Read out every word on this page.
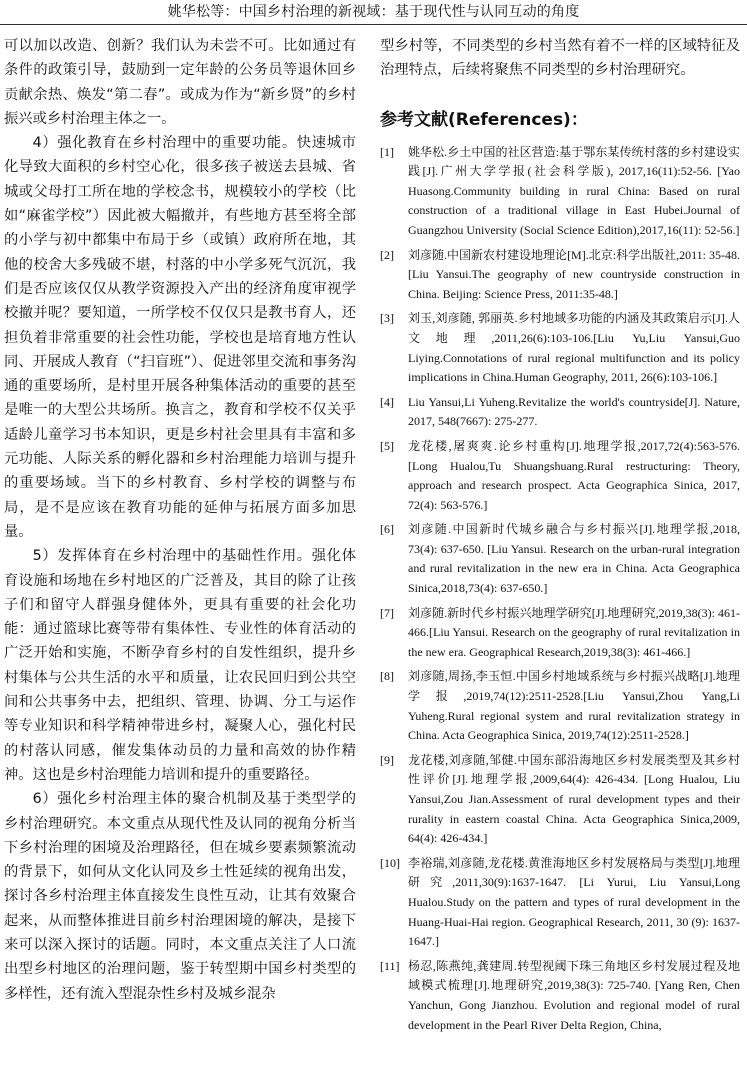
姚华松等：中国乡村治理的新视域：基于现代性与认同互动的角度

可以加以改造、创新？我们认为未尝不可。比如通过有条件的政策引导，鼓励到一定年龄的公务员等退休回乡贡献余热、焕发“第二春”。或成为作为“新乡贤”的乡村振兴或乡村治理主体之一。

4）强化教育在乡村治理中的重要功能。快速城市化导致大面积的乡村空心化，很多孩子被送去县城、省城或父母打工所在地的学校念书，规模较小的学校（比如“麻雀学校”）因此被大幅撤并，有些地方甚至将全部的小学与初中都集中布局于乡（或镇）政府所在地，其他的校舍大多残破不堪，村落的中小学多死气沉沉，我们是否应该仅仅从教学资源投入产出的经济角度审视学校撤并呢？要知道，一所学校不仅仅只是教书育人，还担负着非常重要的社会性功能，学校也是培育地方性认同、开展成人教育（“扫盲班”）、促进邻里交流和事务沟通的重要场所，是村里开展各种集体活动的重要的甚至是唯一的大型公共场所。换言之，教育和学校不仅关乎适龄儿童学习书本知识，更是乡村社会里具有丰富和多元功能、人际关系的孵化器和乡村治理能力培训与提升的重要场域。当下的乡村教育、乡村学校的调整与布局，是不是应该在教育功能的延伸与拓展方面多加思量。

5）发挥体育在乡村治理中的基础性作用。强化体育设施和场地在乡村地区的广泛普及，其目的除了让孩子们和留守人群强身健体外，更具有重要的社会化功能：通过篮球比赛等带有集体性、专业性的体育活动的广泛开始和实施，不断孕育乡村的自发性组织，提升乡村集体与公共生活的水平和质量，让农民回归到公共空间和公共事务中去，把组织、管理、协调、分工与运作等专业知识和科学精神带进乡村，凝聚人心，强化村民的村落认同感，催发集体动员的力量和高效的协作精神。这也是乡村治理能力培训和提升的重要路径。

6）强化乡村治理主体的聚合机制及基于类型学的乡村治理研究。本文重点从现代性及认同的视角分析当下乡村治理的困境及治理路径，但在城乡要素频繁流动的背景下，如何从文化认同及乡土性延续的视角出发，探讨各乡村治理主体直接发生良性互动，让其有效聚合起来，从而整体推进目前乡村治理困境的解决，是接下来可以深入探讨的话题。同时，本文重点关注了人口流出型乡村地区的治理问题，鉴于转型期中国乡村类型的多样性，还有流入型混杂性乡村及城乡混杂

型乡村等，不同类型的乡村当然有着不一样的区域特征及治理特点，后续将聚焦不同类型的乡村治理研究。

参考文献(References)：
[1]	姚华松.乡土中国的社区营造:基于鄂东某传统村落的乡村建设实践[J].广州大学学报(社会科学版), 2017,16(11):52-56. [Yao Huasong.Community building in rural China: Based on rural construction of a traditional village in East Hubei.Journal of Guangzhou University (Social Science Edition),2017,16(11): 52-56.]
[2]	刘彦随.中国新农村建设地理论[M].北京:科学出版社,2011: 35-48.[Liu Yansui.The geography of new countryside construction in China. Beijing: Science Press, 2011:35-48.]
[3]	刘玉,刘彦随, 郭丽英.乡村地域多功能的内涵及其政策启示[J].人文地理,2011,26(6):103-106.[Liu Yu,Liu Yansui,Guo Liying.Connotations of rural regional multifunction and its policy implications in China.Human Geography, 2011, 26(6):103-106.]
[4]	Liu Yansui,Li Yuheng.Revitalize the world's countryside[J]. Nature, 2017, 548(7667): 275-277.
[5]	龙花楼,屠爽爽.论乡村重构[J].地理学报,2017,72(4):563-576. [Long Hualou,Tu Shuangshuang.Rural restructuring: Theory, approach and research prospect. Acta Geographica Sinica, 2017, 72(4): 563-576.]
[6]	刘彦随.中国新时代城乡融合与乡村振兴[J].地理学报,2018, 73(4): 637-650. [Liu Yansui. Research on the urban-rural integration and rural revitalization in the new era in China. Acta Geographica Sinica,2018,73(4): 637-650.]
[7]	刘彦随.新时代乡村振兴地理学研究[J].地理研究,2019,38(3): 461-466.[Liu Yansui. Research on the geography of rural revitalization in the new era. Geographical Research,2019,38(3): 461-466.]
[8]	刘彦随,周扬,李玉恒.中国乡村地域系统与乡村振兴战略[J].地理学报,2019,74(12):2511-2528.[Liu Yansui,Zhou Yang,Li Yuheng.Rural regional system and rural revitalization strategy in China. Acta Geographica Sinica, 2019,74(12):2511-2528.]
[9]	龙花楼,刘彦随,邹健.中国东部沿海地区乡村发展类型及其乡村性评价[J].地理学报,2009,64(4): 426-434. [Long Hualou, Liu Yansui,Zou Jian.Assessment of rural development types and their rurality in eastern coastal China. Acta Geographica Sinica,2009, 64(4): 426-434.]
[10] 李裕瑞,刘彦随,龙花楼.黄淮海地区乡村发展格局与类型[J].地理研究,2011,30(9):1637-1647. [Li Yurui, Liu Yansui,Long Hualou.Study on the pattern and types of rural development in the Huang-Huai-Hai region. Geographical Research, 2011, 30 (9): 1637-1647.]
[11] 杨忍,陈燕纯,龚建周.转型视阈下珠三角地区乡村发展过程及地域模式梳理[J].地理研究,2019,38(3): 725-740. [Yang Ren, Chen Yanchun, Gong Jianzhou. Evolution and regional model of rural development in the Pearl River Delta Region, China,
